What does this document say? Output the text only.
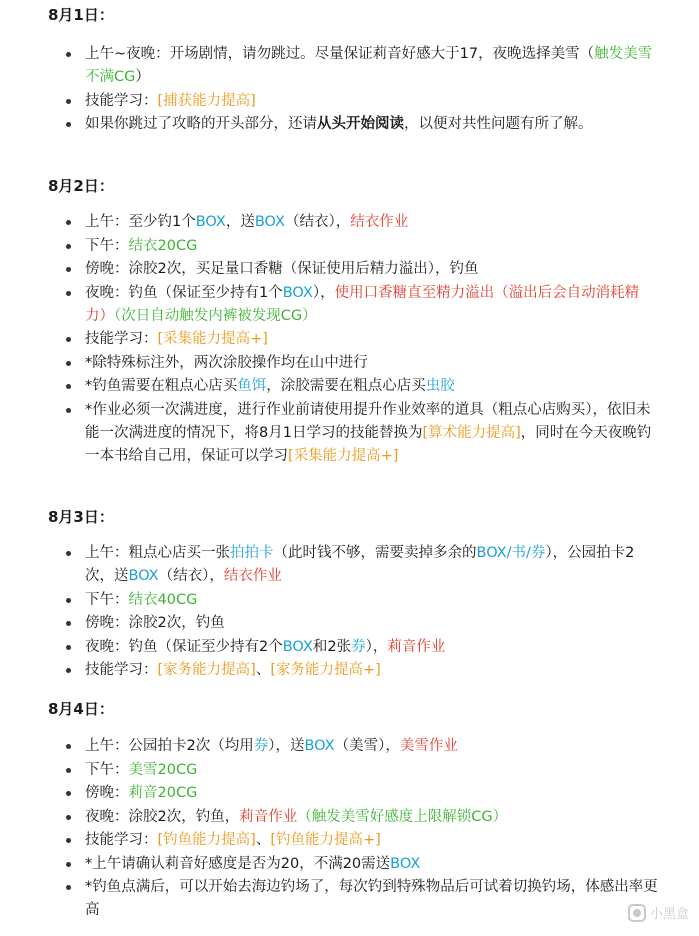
8月1日：
上午~夜晚：开场剧情，请勿跳过。尽量保证莉音好感大于17，夜晚选择美雪（触发美雪不满CG）
技能学习：[捕获能力提高]
如果你跳过了攻略的开头部分，还请从头开始阅读，以便对共性问题有所了解。
8月2日：
上午：至少钓1个BOX，送BOX（结衣），结衣作业
下午：结衣20CG
傍晚：涂胶2次，买足量口香糖（保证使用后精力溢出），钓鱼
夜晚：钓鱼（保证至少持有1个BOX），使用口香糖直至精力溢出（溢出后会自动消耗精力）（次日自动触发内裤被发现CG）
技能学习：[采集能力提高+]
*除特殊标注外，两次涂胶操作均在山中进行
*钓鱼需要在粗点心店买鱼饵，涂胶需要在粗点心店买虫胶
*作业必须一次满进度，进行作业前请使用提升作业效率的道具（粗点心店购买），依旧未能一次满进度的情况下，将8月1日学习的技能替换为[算术能力提高]，同时在今天夜晚钓一本书给自己用，保证可以学习[采集能力提高+]
8月3日：
上午：粗点心店买一张拍拍卡（此时钱不够，需要卖掉多余的BOX/书/券），公园拍卡2次，送BOX（结衣），结衣作业
下午：结衣40CG
傍晚：涂胶2次，钓鱼
夜晚：钓鱼（保证至少持有2个BOX和2张券），莉音作业
技能学习：[家务能力提高]、[家务能力提高+]
8月4日：
上午：公园拍卡2次（均用券），送BOX（美雪），美雪作业
下午：美雪20CG
傍晚：莉音20CG
夜晚：涂胶2次，钓鱼，莉音作业（触发美雪好感度上限解锁CG）
技能学习：[钓鱼能力提高]、[钓鱼能力提高+]
*上午请确认莉音好感度是否为20，不满20需送BOX
*钓鱼点满后，可以开始去海边钓场了，每次钓到特殊物品后可试着切换钓场，体感出率更高	小黑盒
